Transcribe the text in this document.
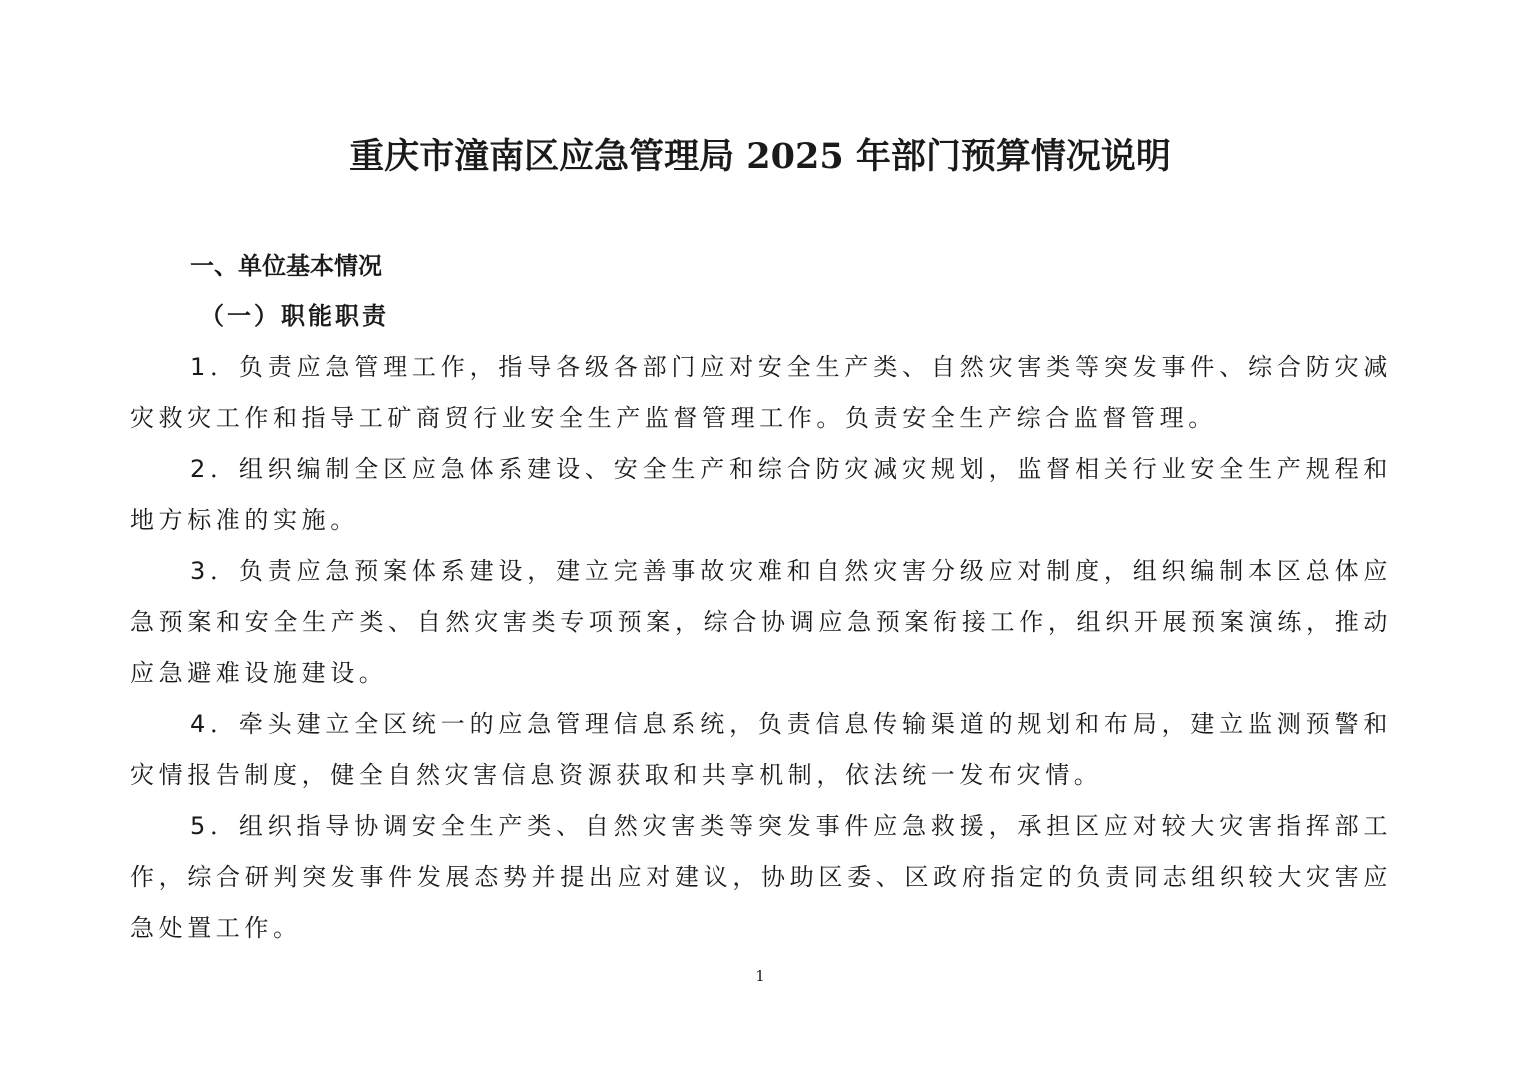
重庆市潼南区应急管理局 2025 年部门预算情况说明
一、单位基本情况
（一）职能职责

1．负责应急管理工作，指导各级各部门应对安全生产类、自然灾害类等突发事件、综合防灾减灾救灾工作和指导工矿商贸行业安全生产监督管理工作。负责安全生产综合监督管理。

2．组织编制全区应急体系建设、安全生产和综合防灾减灾规划，监督相关行业安全生产规程和地方标准的实施。

3．负责应急预案体系建设，建立完善事故灾难和自然灾害分级应对制度，组织编制本区总体应急预案和安全生产类、自然灾害类专项预案，综合协调应急预案衔接工作，组织开展预案演练，推动应急避难设施建设。

4．牵头建立全区统一的应急管理信息系统，负责信息传输渠道的规划和布局，建立监测预警和灾情报告制度，健全自然灾害信息资源获取和共享机制，依法统一发布灾情。

5．组织指导协调安全生产类、自然灾害类等突发事件应急救援，承担区应对较大灾害指挥部工作，综合研判突发事件发展态势并提出应对建议，协助区委、区政府指定的负责同志组织较大灾害应急处置工作。

1
